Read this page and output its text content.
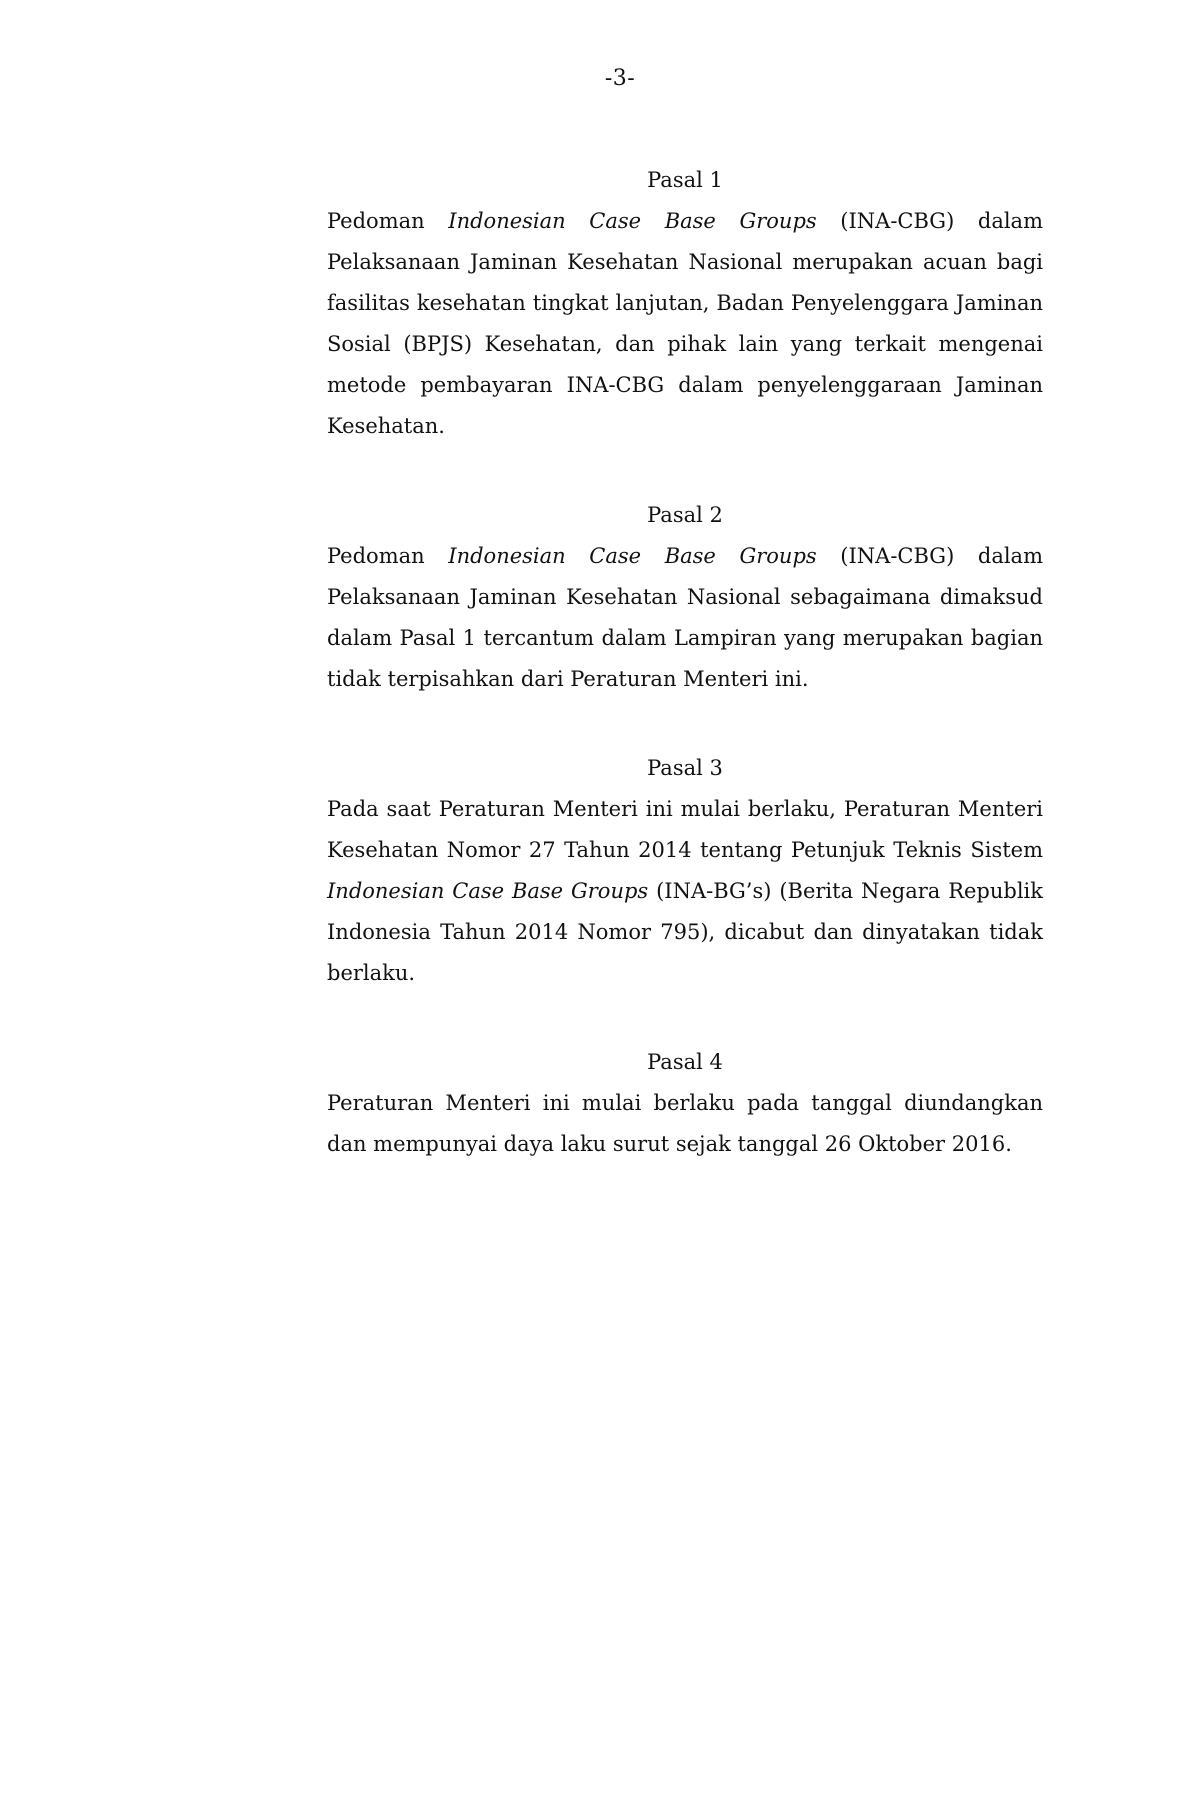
-3-
Pasal 1

Pedoman Indonesian Case Base Groups (INA-CBG) dalam Pelaksanaan Jaminan Kesehatan Nasional merupakan acuan bagi fasilitas kesehatan tingkat lanjutan, Badan Penyelenggara Jaminan Sosial (BPJS) Kesehatan, dan pihak lain yang terkait mengenai metode pembayaran INA-CBG dalam penyelenggaraan Jaminan Kesehatan.

Pasal 2

Pedoman Indonesian Case Base Groups (INA-CBG) dalam Pelaksanaan Jaminan Kesehatan Nasional sebagaimana dimaksud dalam Pasal 1 tercantum dalam Lampiran yang merupakan bagian tidak terpisahkan dari Peraturan Menteri ini.

Pasal 3

Pada saat Peraturan Menteri ini mulai berlaku, Peraturan Menteri Kesehatan Nomor 27 Tahun 2014 tentang Petunjuk Teknis Sistem Indonesian Case Base Groups (INA-BG’s) (Berita Negara Republik Indonesia Tahun 2014 Nomor 795), dicabut dan dinyatakan tidak berlaku.

Pasal 4

Peraturan Menteri ini mulai berlaku pada tanggal diundangkan dan mempunyai daya laku surut sejak tanggal 26 Oktober 2016.
